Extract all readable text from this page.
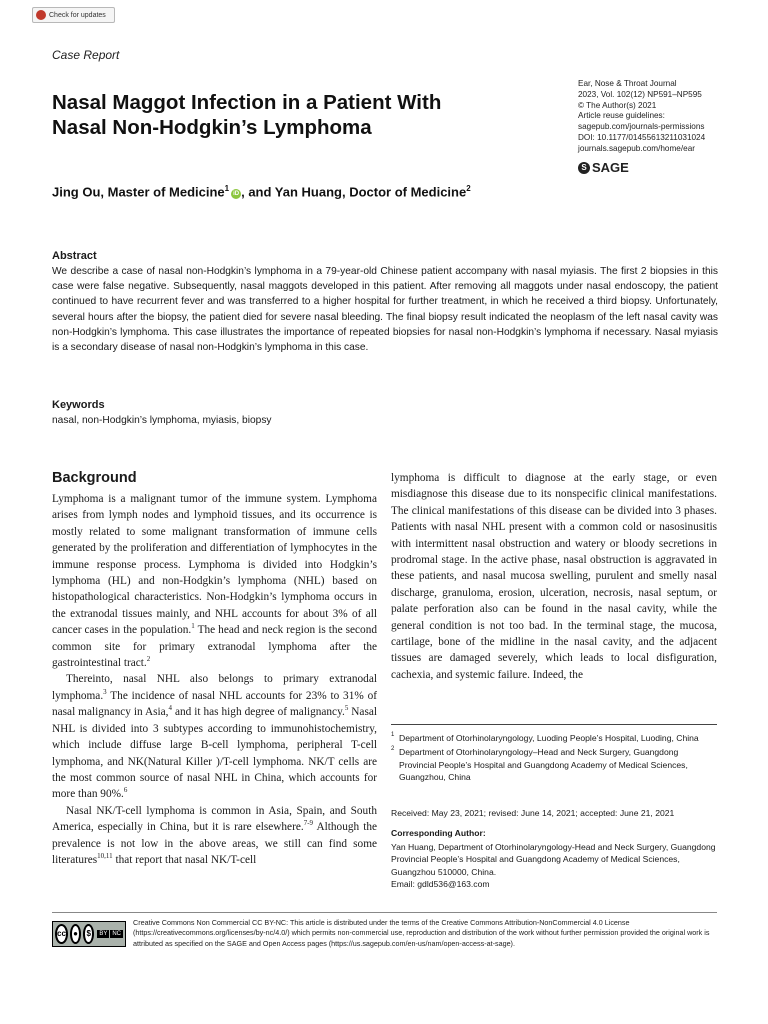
Check for updates
Case Report
Nasal Maggot Infection in a Patient With
Nasal Non-Hodgkin’s Lymphoma
Ear, Nose & Throat Journal
2023, Vol. 102(12) NP591–NP595
© The Author(s) 2021
Article reuse guidelines:
sagepub.com/journals-permissions
DOI: 10.1177/01455613211031024
journals.sagepub.com/home/ear
S SAGE
Jing Ou, Master of Medicine$^1$iD , and Yan Huang, Doctor of Medicine$^2$
Abstract
We describe a case of nasal non-Hodgkin’s lymphoma in a 79-year-old Chinese patient accompany with nasal myiasis. The first 2 biopsies in this case were false negative. Subsequently, nasal maggots developed in this patient. After removing all maggots under nasal endoscopy, the patient continued to have recurrent fever and was transferred to a higher hospital for further treatment, in which he received a third biopsy. Unfortunately, several hours after the biopsy, the patient died for severe nasal bleeding. The final biopsy result indicated the neoplasm of the left nasal cavity was non-Hodgkin’s lymphoma. This case illustrates the importance of repeated biopsies for nasal non-Hodgkin’s lymphoma if necessary. Nasal myiasis is a secondary disease of nasal non-Hodgkin’s lymphoma in this case.
Keywords
nasal, non-Hodgkin’s lymphoma, myiasis, biopsy
Background

Lymphoma is a malignant tumor of the immune system. Lymphoma arises from lymph nodes and lymphoid tissues, and its occurrence is mostly related to some malignant transformation of immune cells generated by the proliferation and differentiation of lymphocytes in the immune response process. Lymphoma is divided into Hodgkin’s lymphoma (HL) and non-Hodgkin’s lymphoma (NHL) based on histopathological characteristics. Non-Hodgkin’s lymphoma occurs in the extranodal tissues mainly, and NHL accounts for about 3% of all cancer cases in the population.$^1$ The head and neck region is the second common site for primary extranodal lymphoma after the gastrointestinal tract.$^2$

Thereinto, nasal NHL also belongs to primary extranodal lymphoma.$^3$ The incidence of nasal NHL accounts for 23% to 31% of nasal malignancy in Asia,$^4$ and it has high degree of malignancy.$^5$ Nasal NHL is divided into 3 subtypes according to immunohistochemistry, which include diffuse large B-cell lymphoma, peripheral T-cell lymphoma, and NK(Natural Killer )/T-cell lymphoma. NK/T cells are the most common source of nasal NHL in China, which accounts for more than 90%.$^6$

Nasal NK/T-cell lymphoma is common in Asia, Spain, and South America, especially in China, but it is rare elsewhere.$^{7-9}$ Although the prevalence is not low in the above areas, we still can find some literatures$^{10,11}$ that report that nasal NK/T-cell

lymphoma is difficult to diagnose at the early stage, or even misdiagnose this disease due to its nonspecific clinical manifestations. The clinical manifestations of this disease can be divided into 3 phases. Patients with nasal NHL present with a common cold or nasosinusitis with intermittent nasal obstruction and watery or bloody secretions in prodromal stage. In the active phase, nasal obstruction is aggravated in these patients, and nasal mucosa swelling, purulent and smelly nasal discharge, granuloma, erosion, ulceration, necrosis, nasal septum, or palate perforation also can be found in the nasal cavity, while the general condition is not too bad. In the terminal stage, the mucosa, cartilage, bone of the midline in the nasal cavity, and the adjacent tissues are damaged severely, which leads to local disfiguration, cachexia, and systemic failure. Indeed, the

1 Department of Otorhinolaryngology, Luoding People’s Hospital, Luoding, China
2 Department of Otorhinolaryngology–Head and Neck Surgery, Guangdong Provincial People’s Hospital and Guangdong Academy of Medical Sciences, Guangzhou, China
Received: May 23, 2021; revised: June 14, 2021; accepted: June 21, 2021
Corresponding Author:
Yan Huang, Department of Otorhinolaryngology-Head and Neck Surgery, Guangdong Provincial People’s Hospital and Guangdong Academy of Medical Sciences, Guangzhou 510000, China.
Email: gdld536@163.com
cc ●	$	BY NC
Creative Commons Non Commercial CC BY-NC: This article is distributed under the terms of the Creative Commons Attribution-NonCommercial 4.0 License (https://creativecommons.org/licenses/by-nc/4.0/) which permits non-commercial use, reproduction and distribution of the work without further permission provided the original work is attributed as specified on the SAGE and Open Access pages (https://us.sagepub.com/en-us/nam/open-access-at-sage).
